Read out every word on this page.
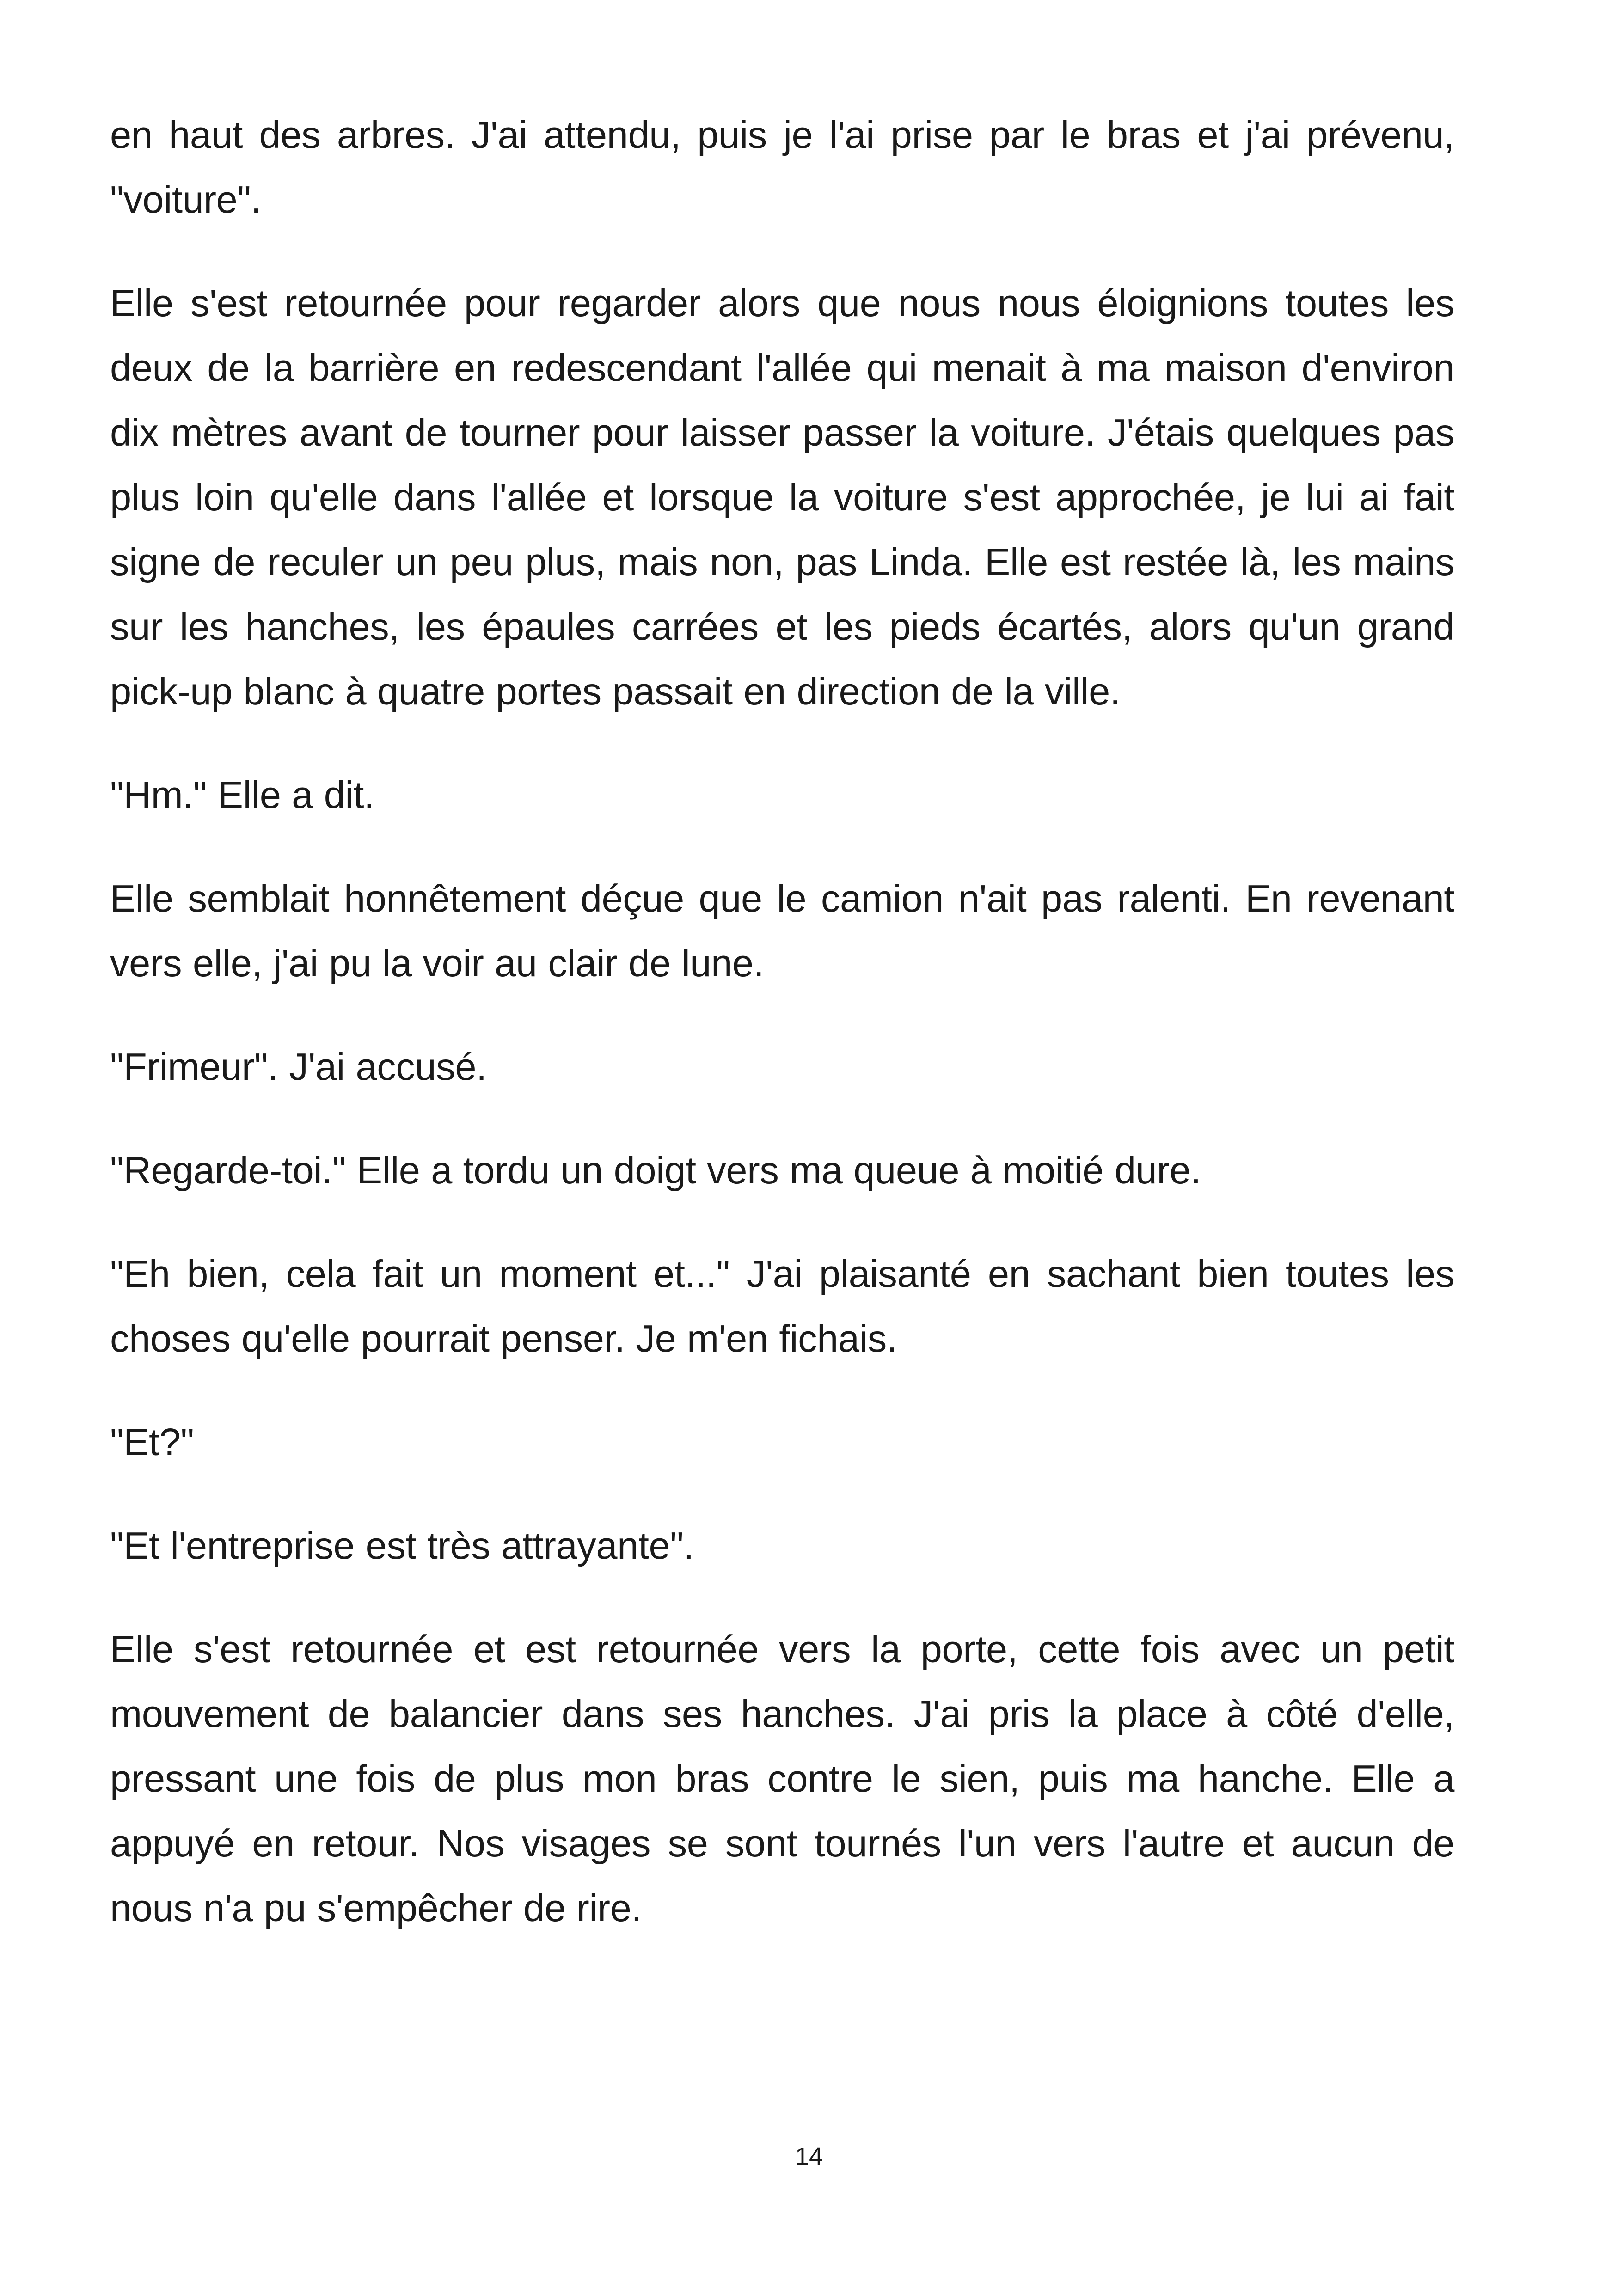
en haut des arbres. J'ai attendu, puis je l'ai prise par le bras et j'ai prévenu, "voiture".

Elle s'est retournée pour regarder alors que nous nous éloignions toutes les deux de la barrière en redescendant l'allée qui menait à ma maison d'environ dix mètres avant de tourner pour laisser passer la voiture. J'étais quelques pas plus loin qu'elle dans l'allée et lorsque la voiture s'est approchée, je lui ai fait signe de reculer un peu plus, mais non, pas Linda. Elle est restée là, les mains sur les hanches, les épaules carrées et les pieds écartés, alors qu'un grand pick-up blanc à quatre portes passait en direction de la ville.

"Hm." Elle a dit.

Elle semblait honnêtement déçue que le camion n'ait pas ralenti. En revenant vers elle, j'ai pu la voir au clair de lune.

"Frimeur". J'ai accusé.

"Regarde-toi." Elle a tordu un doigt vers ma queue à moitié dure.

"Eh bien, cela fait un moment et..." J'ai plaisanté en sachant bien toutes les choses qu'elle pourrait penser. Je m'en fichais.

"Et?"

"Et l'entreprise est très attrayante".

Elle s'est retournée et est retournée vers la porte, cette fois avec un petit mouvement de balancier dans ses hanches. J'ai pris la place à côté d'elle, pressant une fois de plus mon bras contre le sien, puis ma hanche. Elle a appuyé en retour. Nos visages se sont tournés l'un vers l'autre et aucun de nous n'a pu s'empêcher de rire.

14
